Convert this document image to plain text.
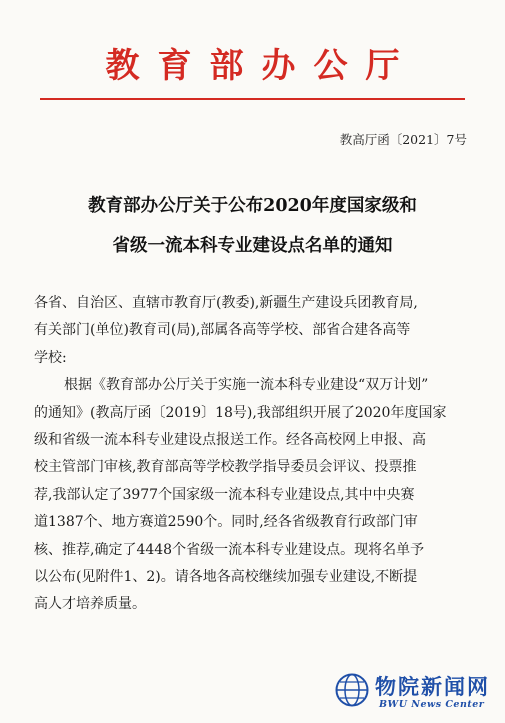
教育部办公厅
教高厅函〔2021〕7号
教育部办公厅关于公布2020年度国家级和
省级一流本科专业建设点名单的通知

各省、自治区、直辖市教育厅(教委),新疆生产建设兵团教育局,

有关部门(单位)教育司(局),部属各高等学校、部省合建各高等

学校:

根据《教育部办公厅关于实施一流本科专业建设“双万计划”

的通知》(教高厅函〔2019〕18号),我部组织开展了2020年度国家

级和省级一流本科专业建设点报送工作。经各高校网上申报、高

校主管部门审核,教育部高等学校教学指导委员会评议、投票推

荐,我部认定了3977个国家级一流本科专业建设点,其中中央赛

道1387个、地方赛道2590个。同时,经各省级教育行政部门审

核、推荐,确定了4448个省级一流本科专业建设点。现将名单予

以公布(见附件1、2)。请各地各高校继续加强专业建设,不断提

高人才培养质量。

物院新闻网
BWU News Center
